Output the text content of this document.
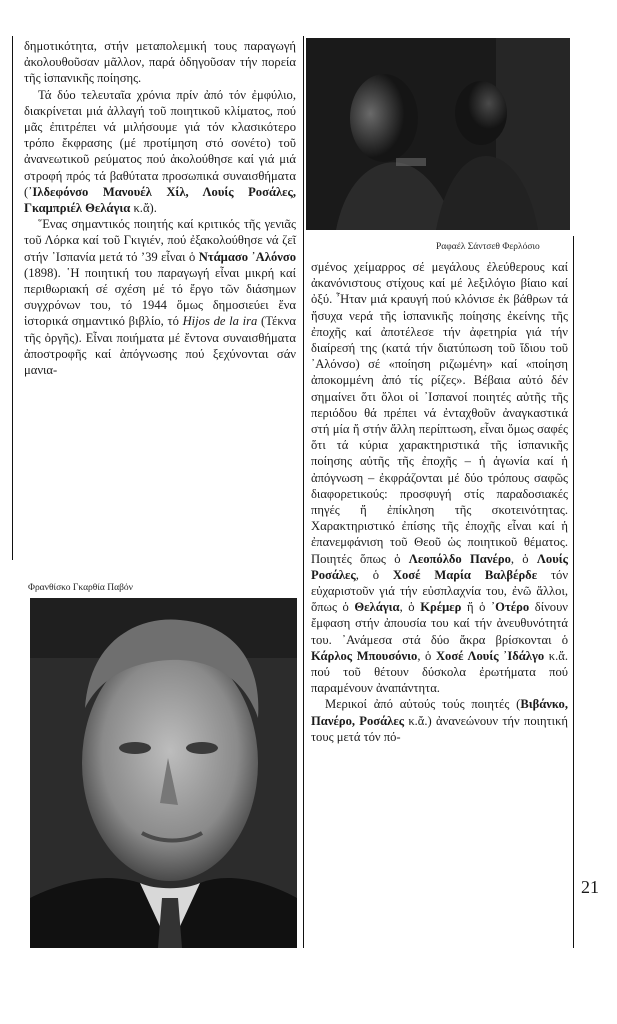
δημοτικότητα, στήν μεταπολεμική τους παραγωγή ἀκολουθοῦσαν μᾶλλον, παρά ὁδηγοῦσαν τήν πορεία τῆς ἱσπανικῆς ποίησης.

Τά δύο τελευταῖα χρόνια πρίν ἀπό τόν ἐμφύλιο, διακρίνεται μιά ἀλλαγή τοῦ ποιητικοῦ κλίματος, πού μᾶς ἐπιτρέπει νά μιλήσουμε γιά τόν κλασικότερο τρόπο ἔκφρασης (μέ προτίμηση στό σονέτο) τοῦ ἀνανεωτικοῦ ρεύματος πού ἀκολούθησε καί γιά μιά στροφή πρός τά βαθύτατα προσωπικά συναισθήματα (᾿Ιλδεφόνσο Μανουέλ Χίλ, Λουίς Ροσάλες, Γκαμπριέλ Θελάγια κ.ἄ).

῞Ενας σημαντικός ποιητής καί κριτικός τῆς γενιᾶς τοῦ Λόρκα καί τοῦ Γκιγιέν, πού ἐξακολούθησε νά ζεῖ στήν ᾿Ισπανία μετά τό ’39 εἶναι ὁ Ντάμασο ᾿Αλόνσο (1898). ῾Η ποιητική του παραγωγή εἶναι μικρή καί περιθωριακή σέ σχέση μέ τό ἔργο τῶν διάσημων συγχρόνων του, τό 1944 ὅμως δημοσιεύει ἕνα ἱστορικά σημαντικό βιβλίο, τό Hijos de la ira (Τέκνα τῆς ὀργῆς). Εἶναι ποιήματα μέ ἔντονα συναισθήματα ἀποστροφῆς καί ἀπόγνωσης πού ξεχύνονται σάν μανια-

Ραφαέλ Σάντσεθ Φερλόσιο

σμένος χείμαρρος σέ μεγάλους ἐλεύθερους καί ἀκανόνιστους στίχους καί μέ λεξιλόγιο βίαιο καί ὀξύ. ῏Ηταν μιά κραυγή πού κλόνισε ἐκ βάθρων τά ἥσυχα νερά τῆς ἱσπανικῆς ποίησης ἐκείνης τῆς ἐποχῆς καί ἀποτέλεσε τήν ἀφετηρία γιά τήν διαίρεσή της (κατά τήν διατύπωση τοῦ ἴδιου τοῦ ᾿Αλόνσο) σέ «ποίηση ριζωμένη» καί «ποίηση ἀποκομμένη ἀπό τίς ρίζες». Βέβαια αὐτό δέν σημαίνει ὅτι ὅλοι οἱ ᾿Ισπανοί ποιητές αὐτῆς τῆς περιόδου θά πρέπει νά ἐνταχθοῦν ἀναγκαστικά στή μία ἤ στήν ἄλλη περίπτωση, εἶναι ὅμως σαφές ὅτι τά κύρια χαρακτηριστικά τῆς ἱσπανικῆς ποίησης αὐτῆς τῆς ἐποχῆς – ἡ ἀγωνία καί ἡ ἀπόγνωση – ἐκφράζονται μέ δύο τρόπους σαφῶς διαφορετικούς: προσφυγή στίς παραδοσιακές πηγές ἤ ἐπίκληση τῆς σκοτεινότητας. Χαρακτηριστικό ἐπίσης τῆς ἐποχῆς εἶναι καί ἡ ἐπανεμφάνιση τοῦ Θεοῦ ὡς ποιητικοῦ θέματος. Ποιητές ὅπως ὁ Λεοπόλδο Πανέρο, ὁ Λουίς Ροσάλες, ὁ Χοσέ Μαρία Βαλβέρδε τόν εὐχαριστοῦν γιά τήν εὐσπλαχνία του, ἐνῶ ἄλλοι, ὅπως ὁ Θελάγια, ὁ Κρέμερ ἤ ὁ ᾿Οτέρο δίνουν ἔμφαση στήν ἀπουσία του καί τήν ἀνευθυνότητά του. ᾿Ανάμεσα στά δύο ἄκρα βρίσκονται ὁ Κάρλος Μπουσόνιο, ὁ Χοσέ Λουίς ᾿Ιδάλγο κ.ἄ. πού τοῦ θέτουν δύσκολα ἐρωτήματα πού παραμένουν ἀναπάντητα.

Μερικοί ἀπό αὐτούς τούς ποιητές (Βιβάνκο, Πανέρο, Ροσάλες κ.ἄ.) ἀνανεώνουν τήν ποιητική τους μετά τόν πό-

Φρανθίσκο Γκαρθία Παβόν
21
